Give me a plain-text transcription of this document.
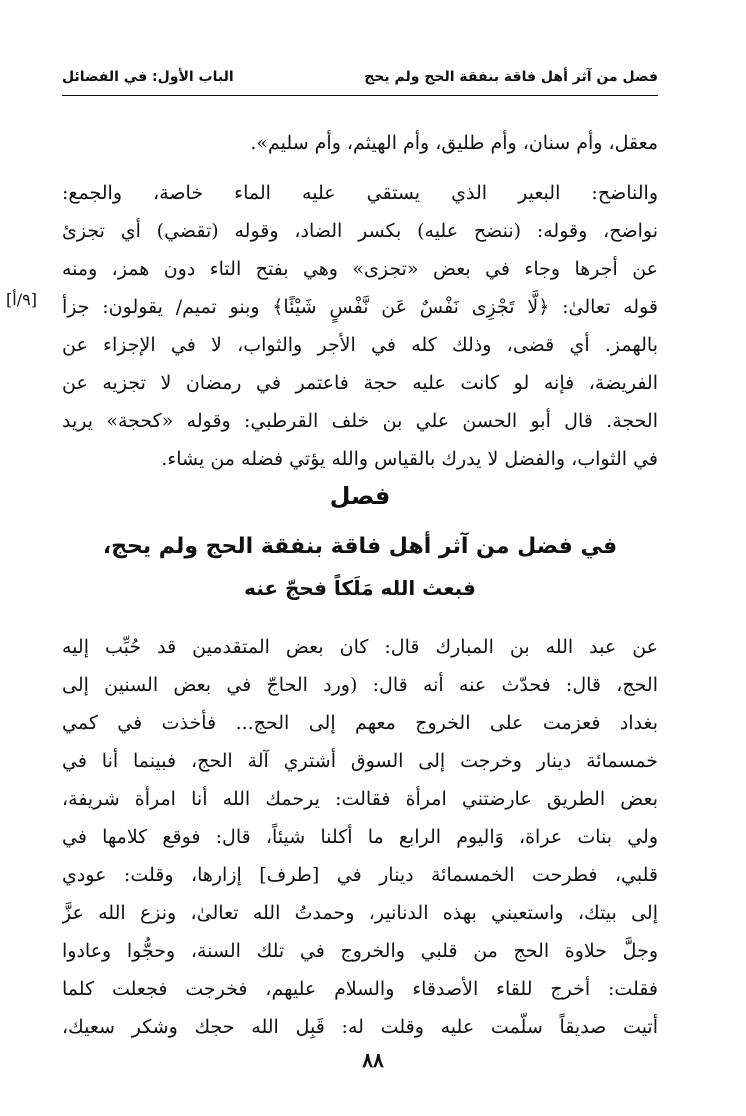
فضل من آثر أهل فاقة بنفقة الحج ولم يحج
الباب الأول: في الفضائل
معقل، وأم سنان، وأم طليق، وأم الهيثم، وأم سليم».
والناضح: البعير الذي يستقي عليه الماء خاصة، والجمع:
نواضح، وقوله: (ننضح عليه) بكسر الضاد، وقوله (تقضي) أي تجزئ
عن أجرها وجاء في بعض «تجزى» وهي بفتح التاء دون همز، ومنه
قوله تعالىٰ: ﴿لَّا تَجْزِى نَفْسٌ عَن نَّفْسٍ شَيْئًا﴾ وبنو تميم/ يقولون: جزأ
بالهمز. أي قضى، وذلك كله في الأجر والثواب، لا في الإجزاء عن
الفريضة، فإنه لو كانت عليه حجة فاعتمر في رمضان لا تجزيه عن
الحجة. قال أبو الحسن علي بن خلف القرطبي: وقوله «كحجة» يريد
في الثواب، والفضل لا يدرك بالقياس والله يؤتي فضله من يشاء.
[٩/أ]
فصل
في فضل من آثر أهل فاقة بنفقة الحج ولم يحج،
فبعث الله مَلَكاً فحجّ عنه
عن عبد الله بن المبارك قال: كان بعض المتقدمين قد حُبِّب إليه
الحج، قال: فحدّث عنه أنه قال: (ورد الحاجّ في بعض السنين إلى
بغداد فعزمت على الخروج معهم إلى الحج... فأخذت في كمي
خمسمائة دينار وخرجت إلى السوق أشتري آلة الحج، فبينما أنا في
بعض الطريق عارضتني امرأة فقالت: يرحمك الله أنا امرأة شريفة،
ولي بنات عراة، وَاليوم الرابع ما أكلنا شيئاً، قال: فوقع كلامها في
قلبي، فطرحت الخمسمائة دينار في [طرف] إزارها، وقلت: عودي
إلى بيتك، واستعيني بهذه الدنانير، وحمدتُ الله تعالىٰ، ونزع الله عزَّ
وجلَّ حلاوة الحج من قلبي والخروج في تلك السنة، وحجُّوا وعادوا
فقلت: أخرج للقاء الأصدقاء والسلام عليهم، فخرجت فجعلت كلما
أتيت صديقاً سلّمت عليه وقلت له: قَبِل الله حجك وشكر سعيك،
٨٨
